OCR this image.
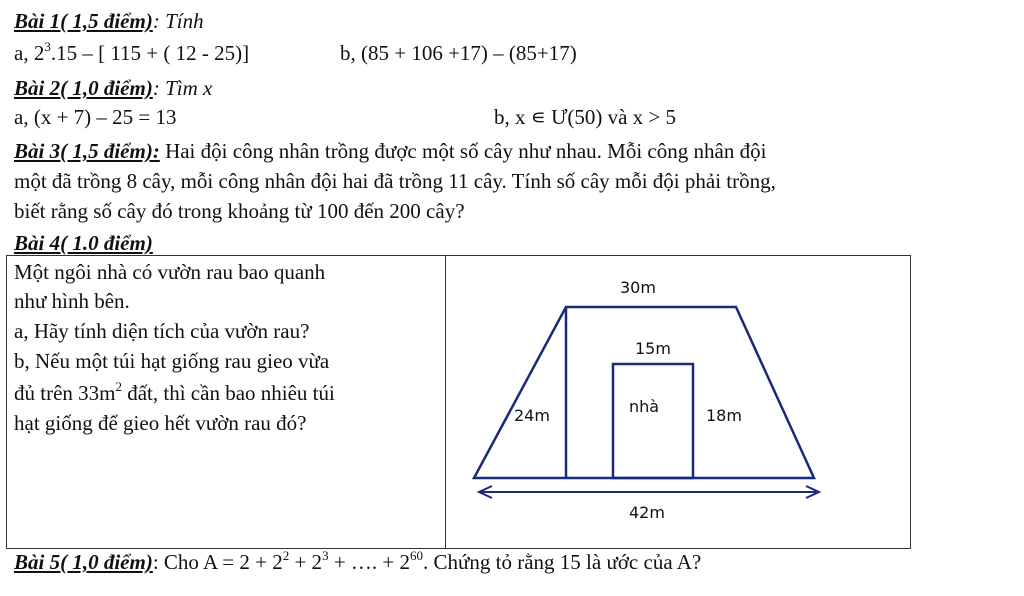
Bài 1( 1,5 điểm): Tính
a, $2^3.15$ – [ 115 + ( 12 - 25)]	b, (85 + 106 +17) – (85+17)
Bài 2( 1,0 điểm): Tìm x
a, (x + 7) – 25 = 13	b, x ∊ Ư(50) và x > 5
Bài 3( 1,5 điểm): Hai đội công nhân trồng được một số cây như nhau. Mỗi công nhân đội
một đã trồng 8 cây, mỗi công nhân đội hai đã trồng 11 cây. Tính số cây mỗi đội phải trồng,
biết rằng số cây đó trong khoảng từ 100 đến 200 cây?
Bài 4( 1.0 điểm)
Một ngôi nhà có vườn rau bao quanh
như hình bên.
a, Hãy tính diện tích của vườn rau?
b, Nếu một túi hạt giống rau gieo vừa
đủ trên $33m^2$ đất, thì cần bao nhiêu túi
hạt giống để gieo hết vườn rau đó?
30m
15m
nhà
24m	18m
42m
Bài 5( 1,0 điểm): Cho $A = 2 + 2^2 + 2^3$ + …. + $2^{60}$. Chứng tỏ rằng 15 là ước của A?
